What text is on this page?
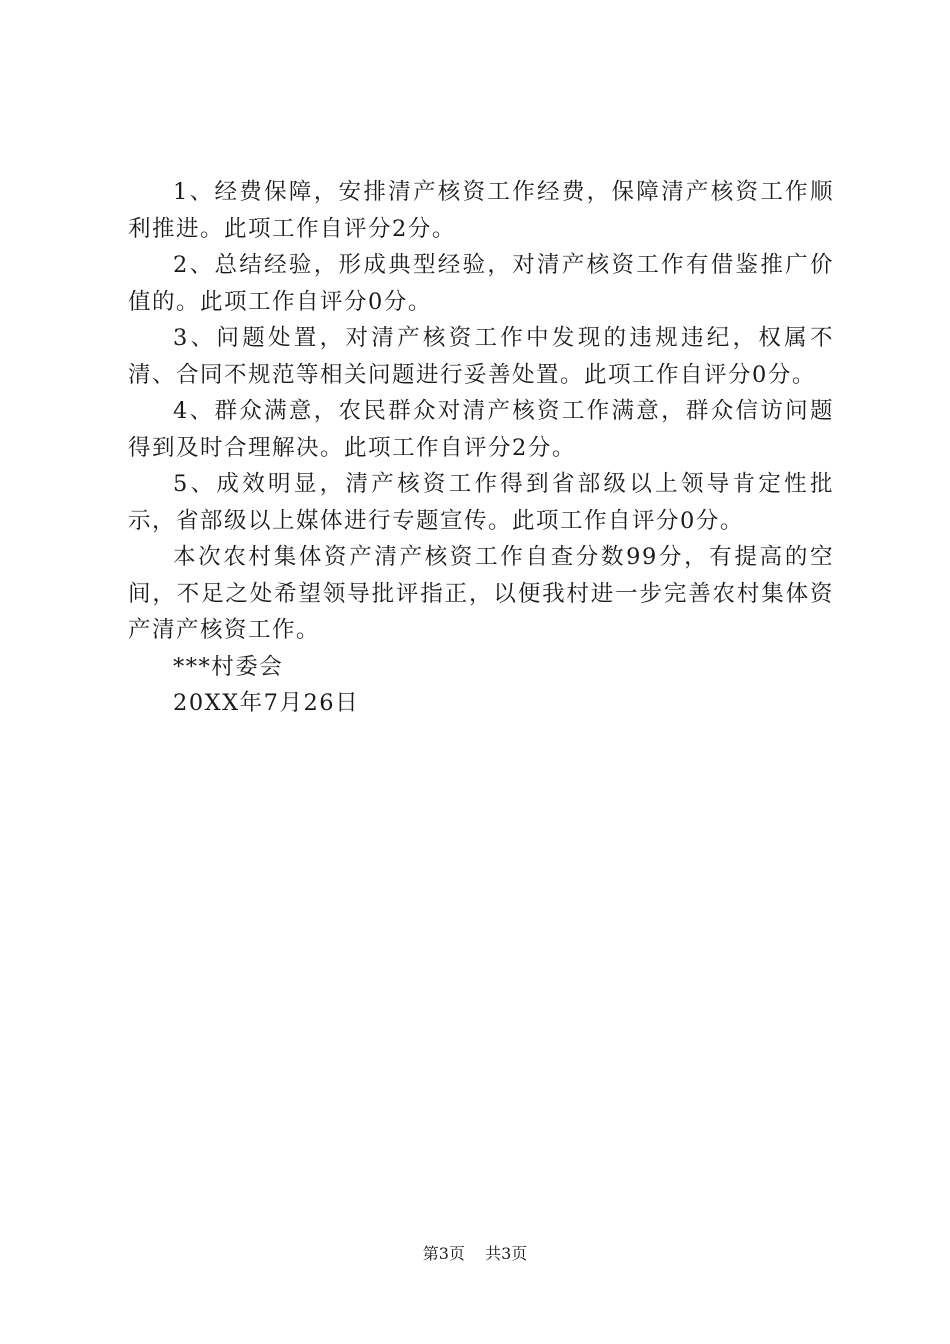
1、经费保障，安排清产核资工作经费，保障清产核资工作顺利推进。此项工作自评分2分。

2、总结经验，形成典型经验，对清产核资工作有借鉴推广价值的。此项工作自评分0分。

3、问题处置，对清产核资工作中发现的违规违纪，权属不清、合同不规范等相关问题进行妥善处置。此项工作自评分0分。

4、群众满意，农民群众对清产核资工作满意，群众信访问题得到及时合理解决。此项工作自评分2分。

5、成效明显，清产核资工作得到省部级以上领导肯定性批示，省部级以上媒体进行专题宣传。此项工作自评分0分。

本次农村集体资产清产核资工作自查分数99分，有提高的空间，不足之处希望领导批评指正，以便我村进一步完善农村集体资产清产核资工作。

***村委会

20XX年7月26日

第3页 共3页
